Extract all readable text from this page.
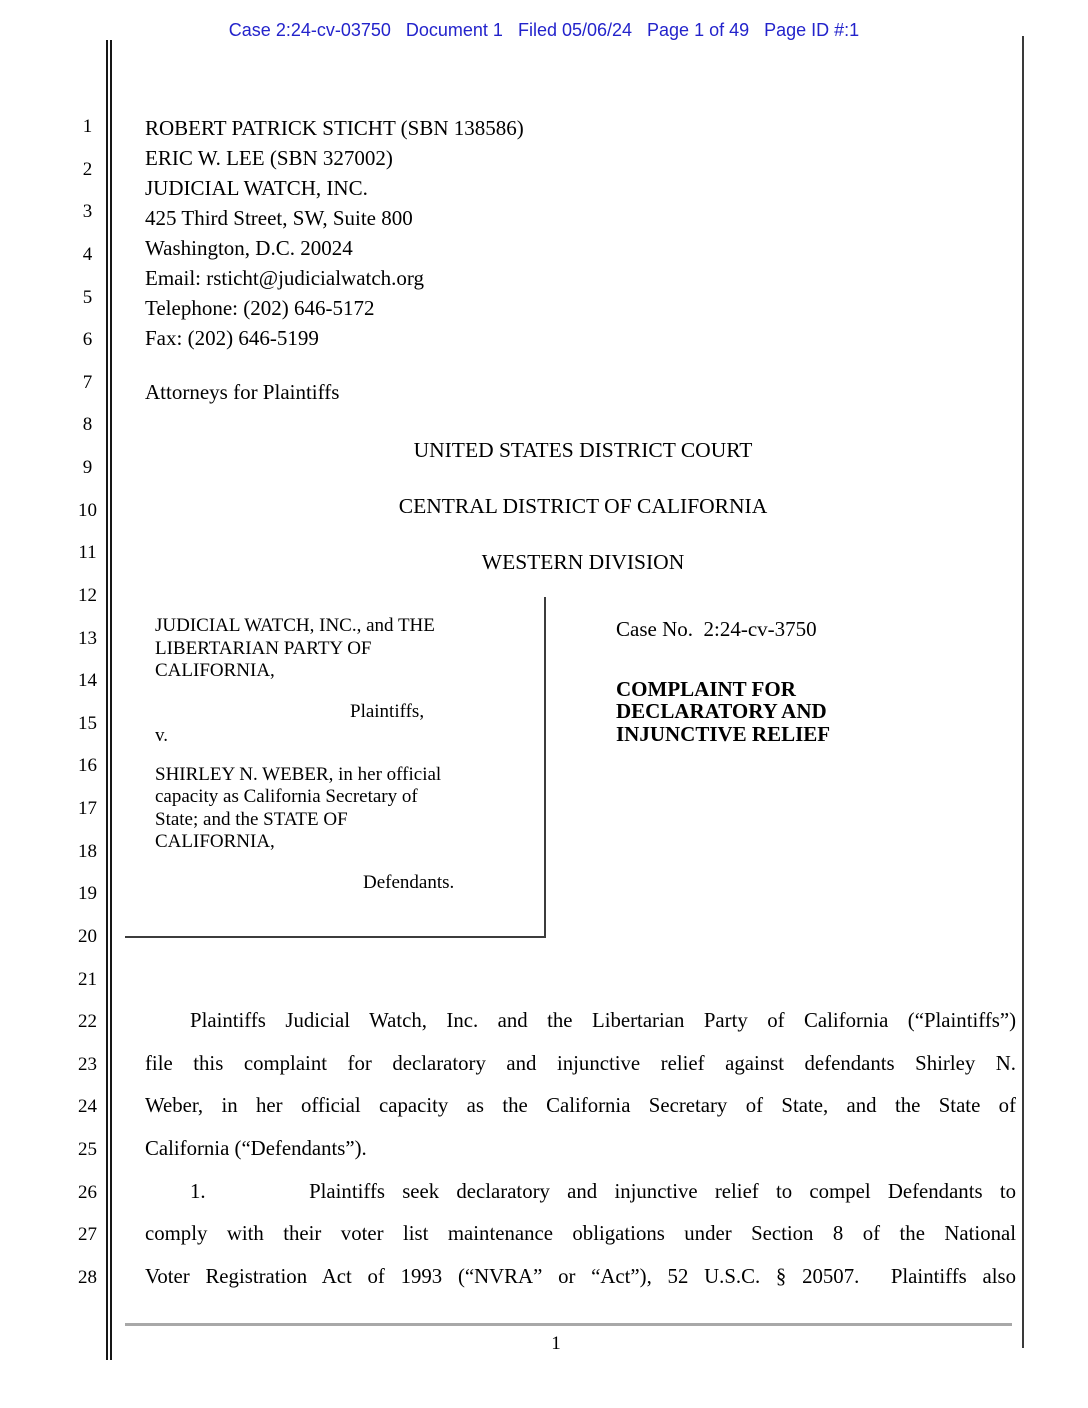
Case 2:24-cv-03750   Document 1   Filed 05/06/24   Page 1 of 49   Page ID #:1
1
2
3
4
5
6
7
8
9
10
11
12
13
14
15
16
17
18
19
20
21
22
23
24
25
26
27
28
ROBERT PATRICK STICHT (SBN 138586)
ERIC W. LEE (SBN 327002)
JUDICIAL WATCH, INC.
425 Third Street, SW, Suite 800
Washington, D.C. 20024
Email: rsticht@judicialwatch.org
Telephone: (202) 646-5172
Fax: (202) 646-5199
Attorneys for Plaintiffs
UNITED STATES DISTRICT COURT
CENTRAL DISTRICT OF CALIFORNIA
WESTERN DIVISION
JUDICIAL WATCH, INC., and THE
LIBERTARIAN PARTY OF
CALIFORNIA,
Plaintiffs,
v.
SHIRLEY N. WEBER, in her official
capacity as California Secretary of
State; and the STATE OF
CALIFORNIA,
Defendants.
Case No.  2:24-cv-3750
COMPLAINT FOR
DECLARATORY AND
INJUNCTIVE RELIEF
Plaintiffs Judicial Watch, Inc. and the Libertarian Party of California (“Plaintiffs”)
file this complaint for declaratory and injunctive relief against defendants Shirley N.
Weber, in her official capacity as the California Secretary of State, and the State of
California (“Defendants”).
1.      Plaintiffs seek declaratory and injunctive relief to compel Defendants to
comply with their voter list maintenance obligations under Section 8 of the National
Voter Registration Act of 1993 (“NVRA” or “Act”), 52 U.S.C. § 20507.  Plaintiffs also
1
